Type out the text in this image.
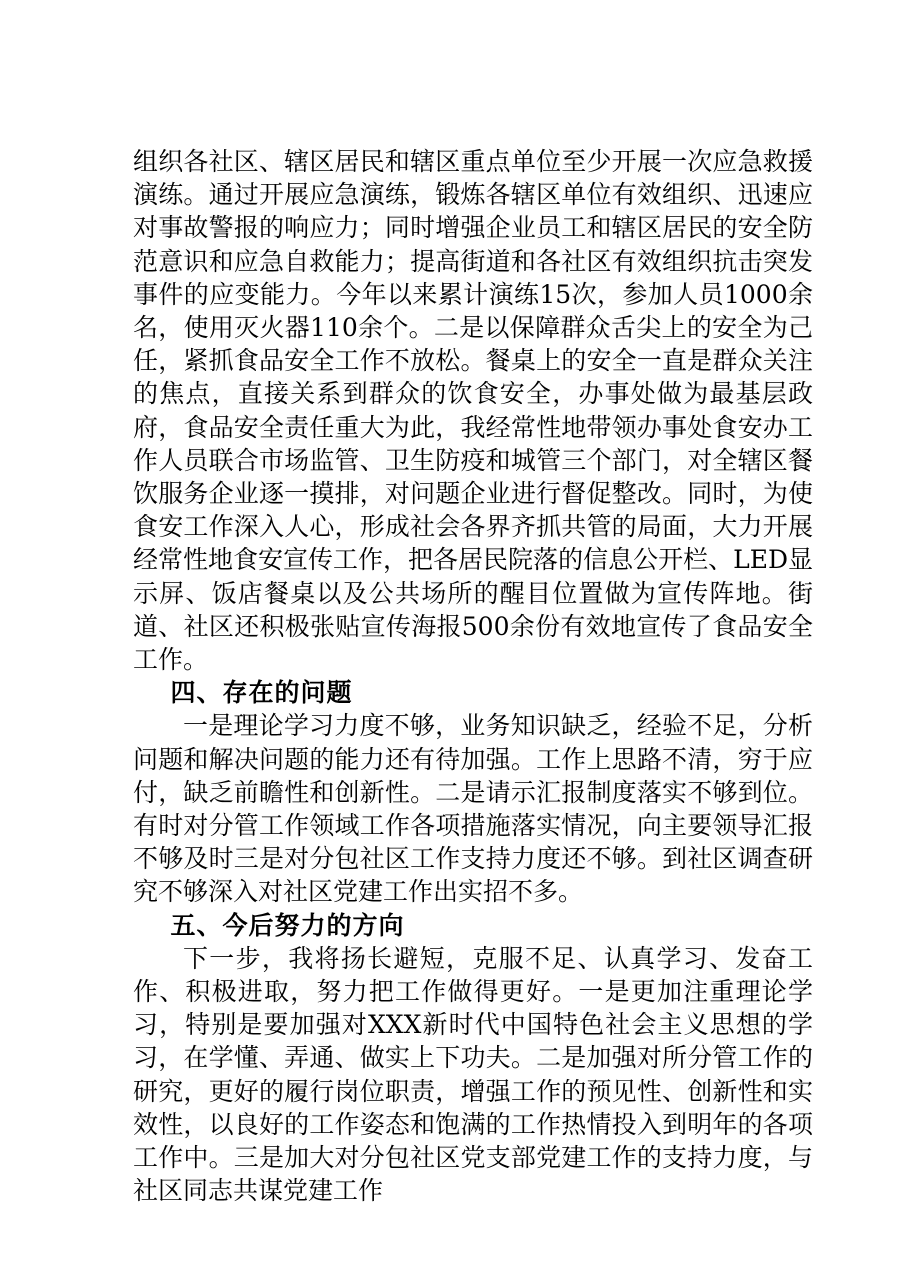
组织各社区、辖区居民和辖区重点单位至少开展一次应急救援演练。通过开展应急演练，锻炼各辖区单位有效组织、迅速应对事故警报的响应力；同时增强企业员工和辖区居民的安全防范意识和应急自救能力；提高街道和各社区有效组织抗击突发事件的应变能力。今年以来累计演练15次，参加人员1000余名，使用灭火器110余个。二是以保障群众舌尖上的安全为己任，紧抓食品安全工作不放松。餐桌上的安全一直是群众关注的焦点，直接关系到群众的饮食安全，办事处做为最基层政府，食品安全责任重大为此，我经常性地带领办事处食安办工作人员联合市场监管、卫生防疫和城管三个部门，对全辖区餐饮服务企业逐一摸排，对问题企业进行督促整改。同时，为使食安工作深入人心，形成社会各界齐抓共管的局面，大力开展经常性地食安宣传工作，把各居民院落的信息公开栏、LED显示屏、饭店餐桌以及公共场所的醒目位置做为宣传阵地。街道、社区还积极张贴宣传海报500余份有效地宣传了食品安全工作。

四、存在的问题

一是理论学习力度不够，业务知识缺乏，经验不足，分析问题和解决问题的能力还有待加强。工作上思路不清，穷于应付，缺乏前瞻性和创新性。二是请示汇报制度落实不够到位。有时对分管工作领域工作各项措施落实情况，向主要领导汇报不够及时三是对分包社区工作支持力度还不够。到社区调查研究不够深入对社区党建工作出实招不多。

五、今后努力的方向

下一步，我将扬长避短，克服不足、认真学习、发奋工作、积极进取，努力把工作做得更好。一是更加注重理论学习，特别是要加强对XXX新时代中国特色社会主义思想的学习，在学懂、弄通、做实上下功夫。二是加强对所分管工作的研究，更好的履行岗位职责，增强工作的预见性、创新性和实效性，以良好的工作姿态和饱满的工作热情投入到明年的各项工作中。三是加大对分包社区党支部党建工作的支持力度，与社区同志共谋党建工作
